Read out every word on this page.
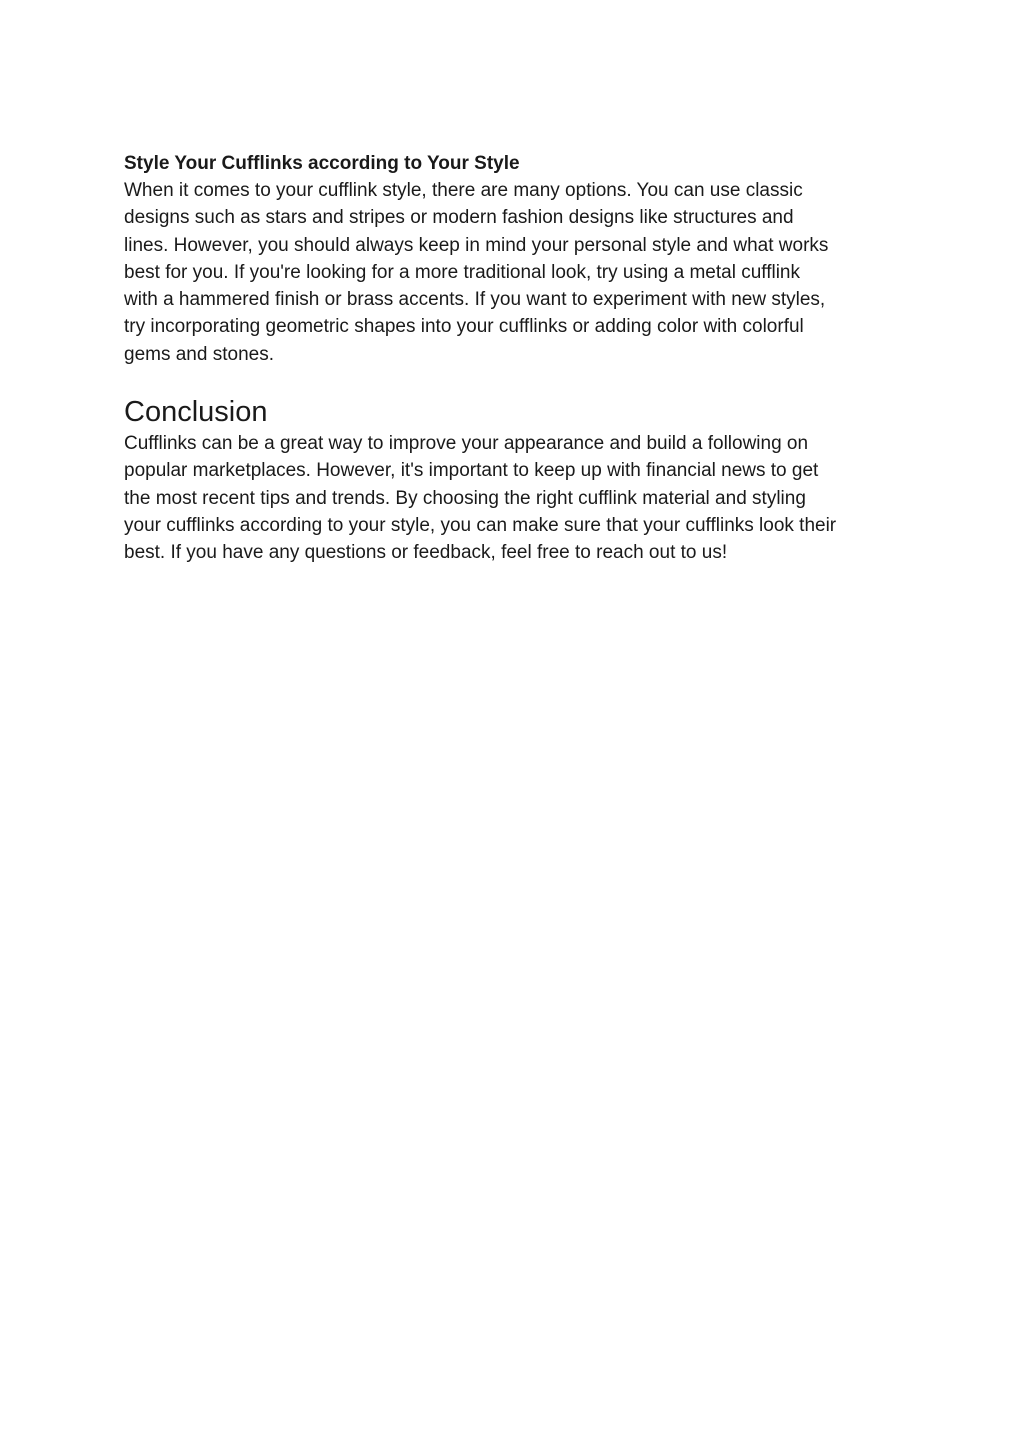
Style Your Cufflinks according to Your Style
When it comes to your cufflink style, there are many options. You can use classic
designs such as stars and stripes or modern fashion designs like structures and
lines. However, you should always keep in mind your personal style and what works
best for you. If you're looking for a more traditional look, try using a metal cufflink
with a hammered finish or brass accents. If you want to experiment with new styles,
try incorporating geometric shapes into your cufflinks or adding color with colorful
gems and stones.
Conclusion
Cufflinks can be a great way to improve your appearance and build a following on
popular marketplaces. However, it's important to keep up with financial news to get
the most recent tips and trends. By choosing the right cufflink material and styling
your cufflinks according to your style, you can make sure that your cufflinks look their
best. If you have any questions or feedback, feel free to reach out to us!
